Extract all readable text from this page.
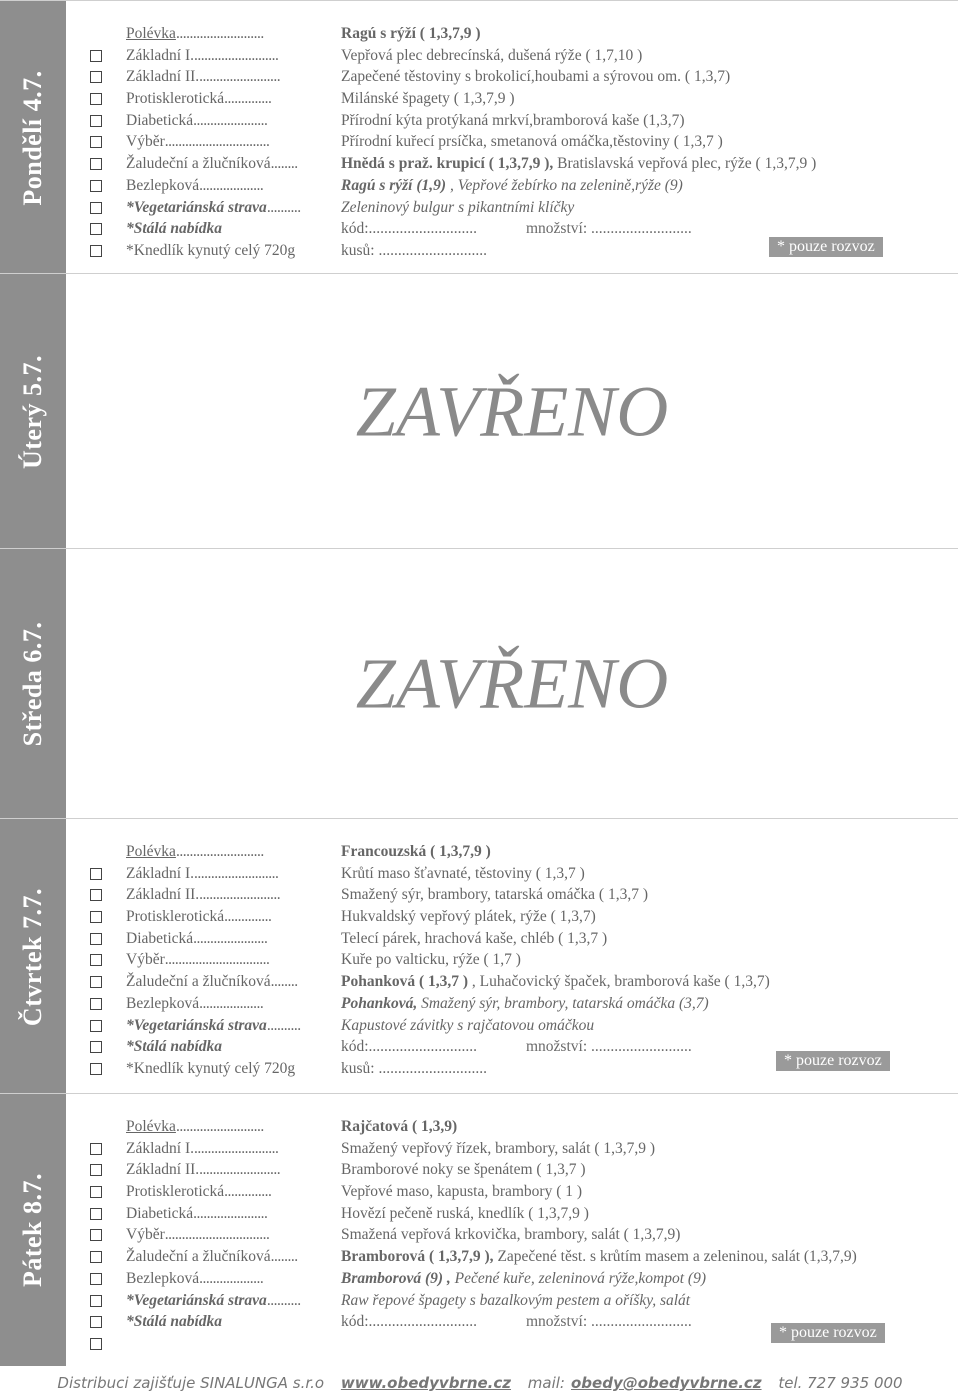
Pondělí 4.7.
Polévka..........................	Ragú s rýží ( 1,3,7,9 )
Základní I..........................	Vepřová plec debrecínská, dušená rýže ( 1,7,10 )
Základní II.........................	Zapečené těstoviny s brokolicí,houbami a sýrovou om. ( 1,3,7)
Protisklerotická..............	Milánské špagety ( 1,3,7,9 )
Diabetická......................	Přírodní kýta protýkaná mrkví,bramborová kaše (1,3,7)
Výběr...............................	Přírodní kuřecí prsíčka, smetanová omáčka,těstoviny ( 1,3,7 )
Žaludeční a žlučníková........	Hnědá s praž. krupicí ( 1,3,7,9 ), Bratislavská vepřová plec, rýže ( 1,3,7,9 )
Bezlepková...................	Ragú s rýží (1,9) , Vepřové žebírko na zelenině,rýže (9)
*Vegetariánská strava..........	Zeleninový bulgur s pikantními klíčky
*Stálá nabídka	kód:............................	množství: ..........................
*Knedlík kynutý celý 720g	kusů: ............................	* pouze rozvoz
Úterý 5.7.	ZAVŘENO
Středa 6.7.	ZAVŘENO
Čtvrtek 7.7.
Polévka..........................	Francouzská ( 1,3,7,9 )
Základní I..........................	Krůtí maso šťavnaté, těstoviny ( 1,3,7 )
Základní II.........................	Smažený sýr, brambory, tatarská omáčka ( 1,3,7 )
Protisklerotická..............	Hukvaldský vepřový plátek, rýže ( 1,3,7)
Diabetická......................	Telecí párek, hrachová kaše, chléb ( 1,3,7 )
Výběr...............................	Kuře po valticku, rýže ( 1,7 )
Žaludeční a žlučníková........	Pohanková ( 1,3,7 ) , Luhačovický špaček, bramborová kaše ( 1,3,7)
Bezlepková...................	Pohanková, Smažený sýr, brambory, tatarská omáčka (3,7)
*Vegetariánská strava..........	Kapustové závitky s rajčatovou omáčkou
*Stálá nabídka	kód:............................	množství: ..........................
*Knedlík kynutý celý 720g	kusů: ............................	* pouze rozvoz
Pátek 8.7.
Polévka..........................	Rajčatová ( 1,3,9)
Základní I..........................	Smažený vepřový řízek, brambory, salát ( 1,3,7,9 )
Základní II.........................	Bramborové noky se špenátem ( 1,3,7 )
Protisklerotická..............	Vepřové maso, kapusta, brambory ( 1 )
Diabetická......................	Hovězí pečeně ruská, knedlík ( 1,3,7,9 )
Výběr...............................	Smažená vepřová krkovička, brambory, salát ( 1,3,7,9)
Žaludeční a žlučníková........	Bramborová ( 1,3,7,9 ), Zapečené těst. s krůtím masem a zeleninou, salát (1,3,7,9)
Bezlepková...................	Bramborová (9) , Pečené kuře, zeleninová rýže,kompot (9)
*Vegetariánská strava..........	Raw řepové špagety s bazalkovým pestem a oříšky, salát
*Stálá nabídka	kód:............................	množství: ..........................
* pouze rozvoz
Distribuci zajišťuje SINALUNGA s.r.o www.obedyvbrne.cz mail: obedy@obedyvbrne.cz tel. 727 935 000
